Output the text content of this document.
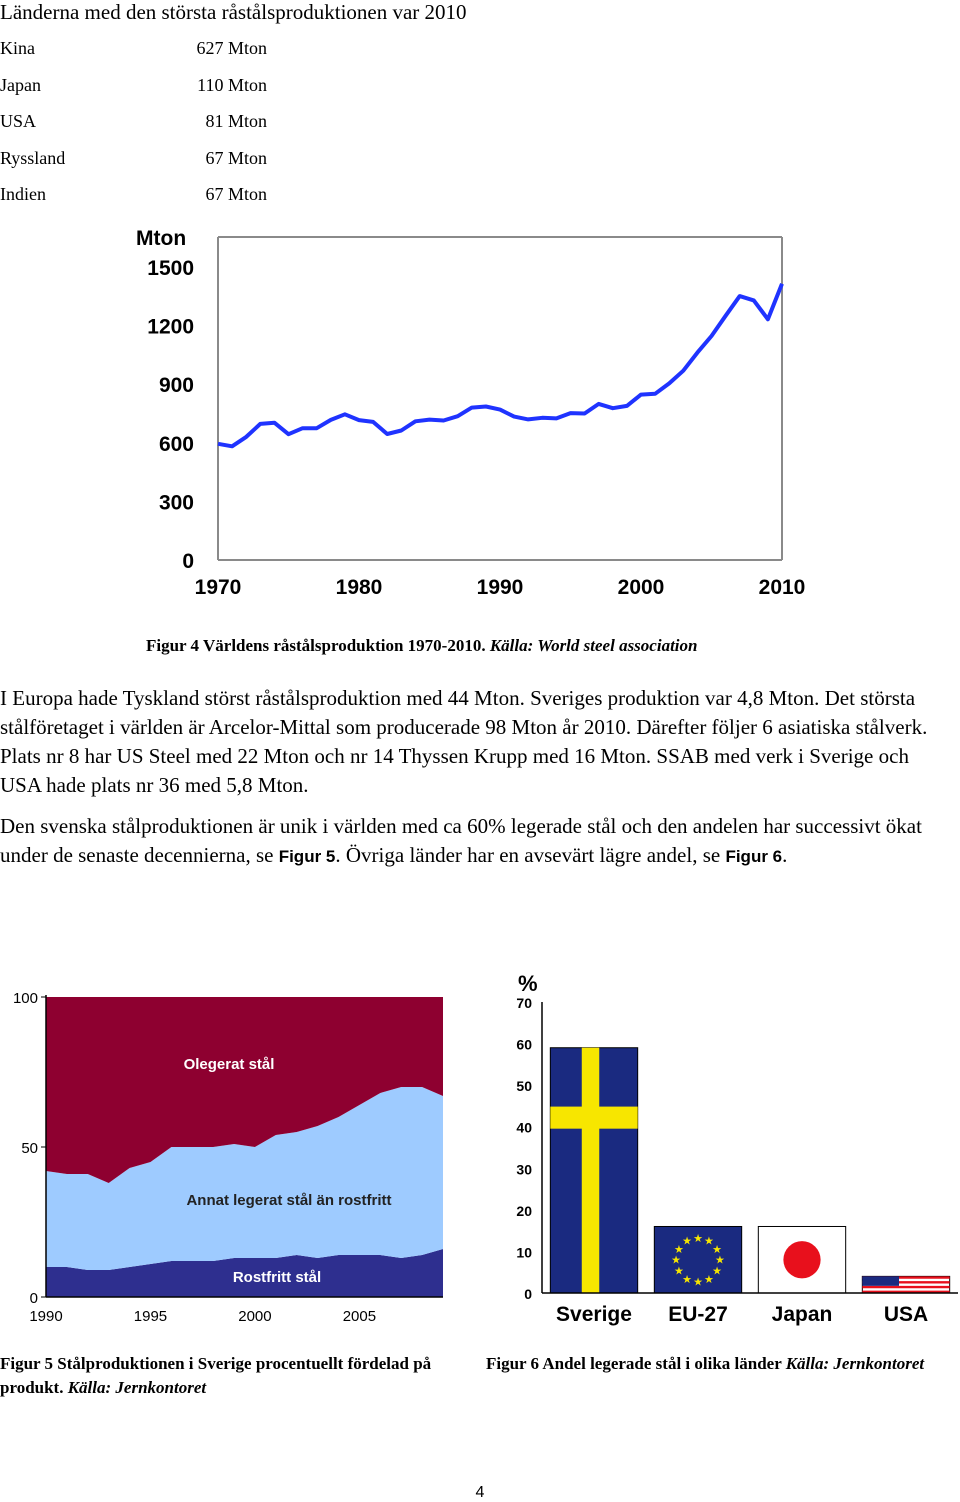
Länderna med den största råstålsproduktionen var 2010
Kina	627 Mton
Japan	110 Mton
USA	81 Mton
Ryssland	67 Mton
Indien	67 Mton
0
300
600
900
1200
1500
1970	1980	1990	2000	2010
Mton
Figur 4 Världens råstålsproduktion 1970-2010. Källa: World steel association
I Europa hade Tyskland störst råstålsproduktion med 44 Mton. Sveriges produktion var 4,8 Mton. Det största stålföretaget i världen är Arcelor-Mittal som producerade 98 Mton år 2010. Därefter följer 6 asiatiska stålverk. Plats nr 8 har US Steel med 22 Mton och nr 14 Thyssen Krupp med 16 Mton. SSAB med verk i Sverige och USA hade plats nr 36 med 5,8 Mton.
Den svenska stålproduktionen är unik i världen med ca 60% legerade stål och den andelen har successivt ökat under de senaste decennierna, se Figur 5. Övriga länder har en avsevärt lägre andel, se Figur 6.
0
50
100
1990	1995	2000	2005
Rostfritt stål
Annat legerat stål än rostfritt
Olegerat stål
%
★
★
★
★
★
★
★
★
★ ★ ★
★
0
10
20
30
40
50
60
70
Sverige EU-27 Japan USA
Figur 5 Stålproduktionen i Sverige procentuellt fördelad på produkt. Källa: Jernkontoret
Figur 6 Andel legerade stål i olika länder Källa: Jernkontoret
4
